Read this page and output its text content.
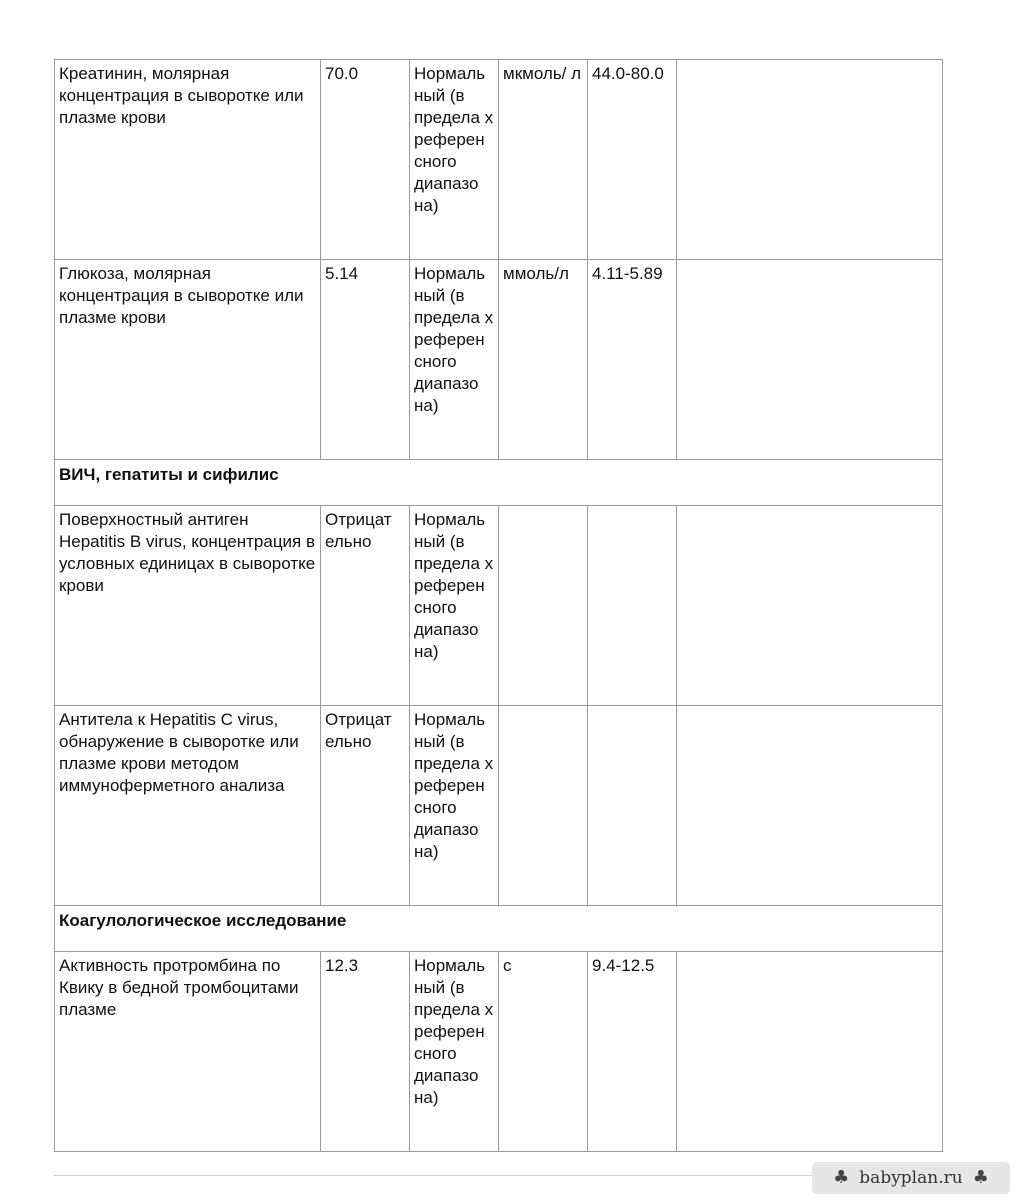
Креатинин, молярная концентрация в сыворотке или плазме крови	70.0	Нормаль ный (в предела х референ сного диапазо на)	мкмоль/ л	44.0-80.0	
Глюкоза, молярная концентрация в сыворотке или плазме крови	5.14	Нормаль ный (в предела х референ сного диапазо на)	ммоль/л	4.11-5.89	
ВИЧ, гепатиты и сифилис					
Поверхностный антиген Hepatitis B virus, концентрация в условных единицах в сыворотке крови	Отрицат ельно	Нормаль ный (в предела х референ сного диапазо на)			
Антитела к Hepatitis C virus, обнаружение в сыворотке или плазме крови методом иммуноферметного анализа	Отрицат ельно	Нормаль ный (в предела х референ сного диапазо на)			
Коагулологическое исследование					
Активность протромбина по Квику в бедной тромбоцитами плазме	12.3	Нормаль ный (в предела х референ сного диапазо на)	с	9.4-12.5	
♣ babyplan.ru ♣
